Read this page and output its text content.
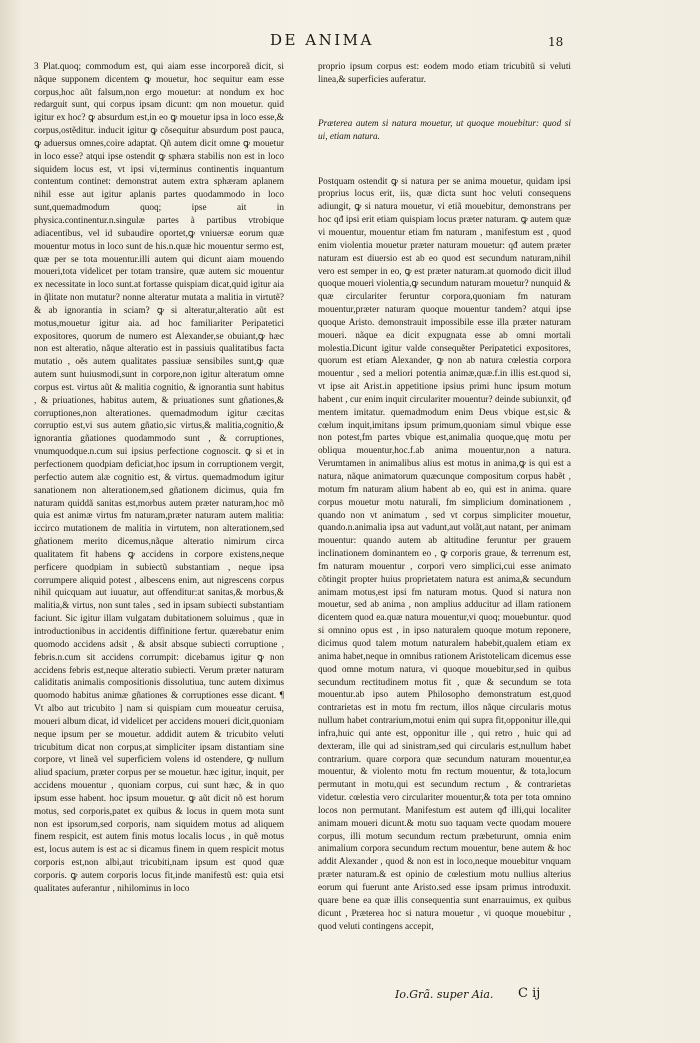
DE ANIMA	18

3 Plat.quoq; commodum est, qui aiam esse incorporeã dicit, si nãque supponem dicentem ꝙ mouetur, hoc sequitur eam esse corpus,hoc aũt falsum,non ergo mouetur: at nondum ex hoc redarguit sunt, qui corpus ipsam dicunt: qm non mouetur. quid igitur ex hoc? ꝙ absurdum est,in eo ꝙ mouetur ipsa in loco esse,& corpus,ostẽditur. inducit igitur ꝙ cõsequitur absurdum post pauca, ꝙ aduersus omnes,coire adaptat. Qñ autem dicit omne ꝙ mouetur in loco esse? atqui ipse ostendit ꝙ sphæra stabilis non est in loco siquidem locus est, vt ipsi vi,terminus continentis inquantum contentum continet: demonstrat autem extra sphæram aplanem nihil esse aut igitur aplanis partes quodammodo in loco sunt,quemadmodum quoq; ipse ait in physica.continentur.n.singulæ partes à partibus vtrobique adiacentibus, vel id subaudire oportet,ꝙ vniuersæ eorum quæ mouentur motus in loco sunt de his.n.quæ hic mouentur sermo est, quæ per se tota mouentur.illi autem qui dicunt aiam mouendo moueri,tota videlicet per totam transire, quæ autem sic mouentur ex necessitate in loco sunt.at fortasse quispiam dicat,quid igitur aia in q̃litate non mutatur? nonne alteratur mutata a malitia in virtutẽ? & ab ignorantia in sciam? ꝙ si alteratur,alteratio aũt est motus,mouetur igitur aia. ad hoc familiariter Peripatetici expositores, quorum de numero est Alexander,se obuiant,ꝙ hæc non est alteratio, nãque alteratio est in passiuis qualitatibus facta mutatio , oẽs autem qualitates passiuæ sensibiles sunt,ꝙ quæ autem sunt huiusmodi,sunt in corpore,non igitur alteratum omne corpus est. virtus aũt & malitia cognitio, & ignorantia sunt habitus , & priuationes, habitus autem, & priuationes sunt gñationes,& corruptiones,non alterationes. quemadmodum igitur cæcitas corruptio est,vi sus autem gñatio,sic virtus,& malitia,cognitio,& ignorantia gñationes quodammodo sunt , & corruptiones, vnumquodque.n.cum sui ipsius perfectione cognoscit. ꝙ si et in perfectionem quodpiam deficiat,hoc ipsum in corruptionem vergit, perfectio autem alæ cognitio est, & virtus. quemadmodum igitur sanationem non alterationem,sed gñationem dicimus, quia fm naturam quiddã sanitas est,morbus autem præter naturam,hoc mõ quia est animæ virtus fm naturam,præter naturam autem malitia: iccirco mutationem de malitia in virtutem, non alterationem,sed gñationem merito dicemus,nãque alteratio nimirum circa qualitatem fit habens ꝙ accidens in corpore existens,neque perficere quodpiam in subiectũ substantiam , neque ipsa corrumpere aliquid potest , albescens enim, aut nigrescens corpus nihil quicquam aut iuuatur, aut offenditur:at sanitas,& morbus,& malitia,& virtus, non sunt tales , sed in ipsam subiecti substantiam faciunt. Sic igitur illam vulgatam dubitationem soluimus , quæ in introductionibus in accidentis diffinitione fertur. quærebatur enim quomodo accidens adsit , & absit absque subiecti corruptione , febris.n.cum sit accidens corrumpit: dicebamus igitur ꝙ non accidens febris est,neque alteratio subiecti. Verum præter naturam caliditatis animalis compositionis dissolutiua, tunc autem diximus quomodo habitus animæ gñationes & corruptiones esse dicant. ¶ Vt albo aut tricubito ] nam si quispiam cum moueatur ceruisa, moueri album dicat, id videlicet per accidens moueri dicit,quoniam neque ipsum per se mouetur. addidit autem & tricubito veluti tricubitum dicat non corpus,at simpliciter ipsam distantiam sine corpore, vt lineã vel superficiem volens id ostendere, ꝙ nullum aliud spacium, præter corpus per se mouetur. hæc igitur, inquit, per accidens mouentur , quoniam corpus, cui sunt hæc, & in quo ipsum esse habent. hoc ipsum mouetur. ꝙ aũt dicit nõ est horum motus, sed corporis,patet ex quibus & locus in quem mota sunt non est ipsorum,sed corporis, nam siquidem motus ad aliquem finem respicit, est autem finis motus localis locus , in quẽ motus est, locus autem is est ac si dicamus finem in quem respicit motus corporis est,non albi,aut tricubiti,nam ipsum est quod quæ corporis. ꝙ autem corporis locus fit,inde manifestũ est: quia etsi qualitates auferantur , nihilominus in loco

proprio ipsum corpus est: eodem modo etiam tricubitũ si veluti linea,& superficies auferatur.

Præterea autem si natura mouetur, ut quoque mouebitur: quod si ui, etiam natura.

Postquam ostendit ꝙ si natura per se anima mouetur, quidam ipsi proprius locus erit, iis, quæ dicta sunt hoc veluti consequens adiungit, ꝙ si natura mouetur, vi etiã mouebitur, demonstrans per hoc qđ ipsi erit etiam quispiam locus præter naturam. ꝙ autem quæ vi mouentur, mouentur etiam fm naturam , manifestum est , quod enim violentia mouetur præter naturam mouetur: qđ autem præter naturam est diuersio est ab eo quod est secundum naturam,nihil vero est semper in eo, ꝙ est præter naturam.at quomodo dicit illud quoque moueri violentia,ꝙ secundum naturam mouetur? nunquid & quæ circulariter feruntur corpora,quoniam fm naturam mouentur,præter naturam quoque mouentur tandem? atqui ipse quoque Aristo. demonstrauit impossibile esse illa præter naturam moueri. nãque ea dicit expugnata esse ab omni mortali molestia.Dicunt igitur valde consequẽter Peripatetici expositores, quorum est etiam Alexander, ꝙ non ab natura cœlestia corpora mouentur , sed a meliori potentia animæ,quæ.f.in illis est.quod si, vt ipse ait Arist.in appetitione ipsius primi hunc ipsum motum habent , cur enim inquit circulariter mouentur? deinde subiunxit, qđ mentem imitatur. quemadmodum enim Deus vbique est,sic & cœlum inquit,imitans ipsum primum,quoniam simul vbique esse non potest,fm partes vbique est,animalia quoque,quę motu per obliqua mouentur,hoc.f.ab anima mouentur,non a natura. Verumtamen in animalibus alius est motus in anima,ꝙ is qui est a natura, nãque animatorum quæcunque compositum corpus habẽt , motum fm naturam alium habent ab eo, qui est in anima. quare corpus mouetur motu naturali, fm simplicium dominationem , quando non vt animatum , sed vt corpus simpliciter mouetur, quando.n.animalia ipsa aut vadunt,aut volãt,aut natant, per animam mouentur: quando autem ab altitudine feruntur per grauem inclinationem dominantem eo , ꝙ corporis graue, & terrenum est, fm naturam mouentur , corpori vero simplici,cui esse animato cõtingit propter huius proprietatem natura est anima,& secundum animam motus,est ipsi fm naturam motus. Quod si natura non mouetur, sed ab anima , non amplius adducitur ad illam rationem dicentem quod ea.quæ natura mouentur,vi quoq; mouebuntur. quod si omnino opus est , in ipso naturalem quoque motum reponere, dicimus quod talem motum naturalem habebit,qualem etiam ex anima habet,neque in omnibus rationem Aristotelicam dicemus esse quod omne motum natura, vi quoque mouebitur,sed in quibus secundum rectitudinem motus fit , quæ & secundum se tota mouentur.ab ipso autem Philosopho demonstratum est,quod contrarietas est in motu fm rectum, illos nãque circularis motus nullum habet contrarium,motui enim qui supra fit,opponitur ille,qui infra,huic qui ante est, opponitur ille , qui retro , huic qui ad dexteram, ille qui ad sinistram,sed qui circularis est,nullum habet contrarium. quare corpora quæ secundum naturam mouentur,ea mouentur, & violento motu fm rectum mouentur, & tota,locum permutant in motu,qui est secundum rectum , & contrarietas videtur. cœlestia vero circulariter mouentur,& tota per tota omnino locos non permutant. Manifestum est autem qđ illi,qui localiter animam moueri dicunt.& motu suo taquam vecte quodam mouere corpus, illi motum secundum rectum præbeturunt, omnia enim animalium corpora secundum rectum mouentur, bene autem & hoc addit Alexander , quod & non est in loco,neque mouebitur vnquam præter naturam.& est opinio de cœlestium motu nullius alterius eorum qui fuerunt ante Aristo.sed esse ipsam primus introduxit. quare bene ea quæ illis consequentia sunt enarrauimus, ex quibus dicunt , Præterea hoc si natura mouetur , vi quoque mouebitur , quod veluti contingens accepit,

Io.Grã. super Aia. C ij
